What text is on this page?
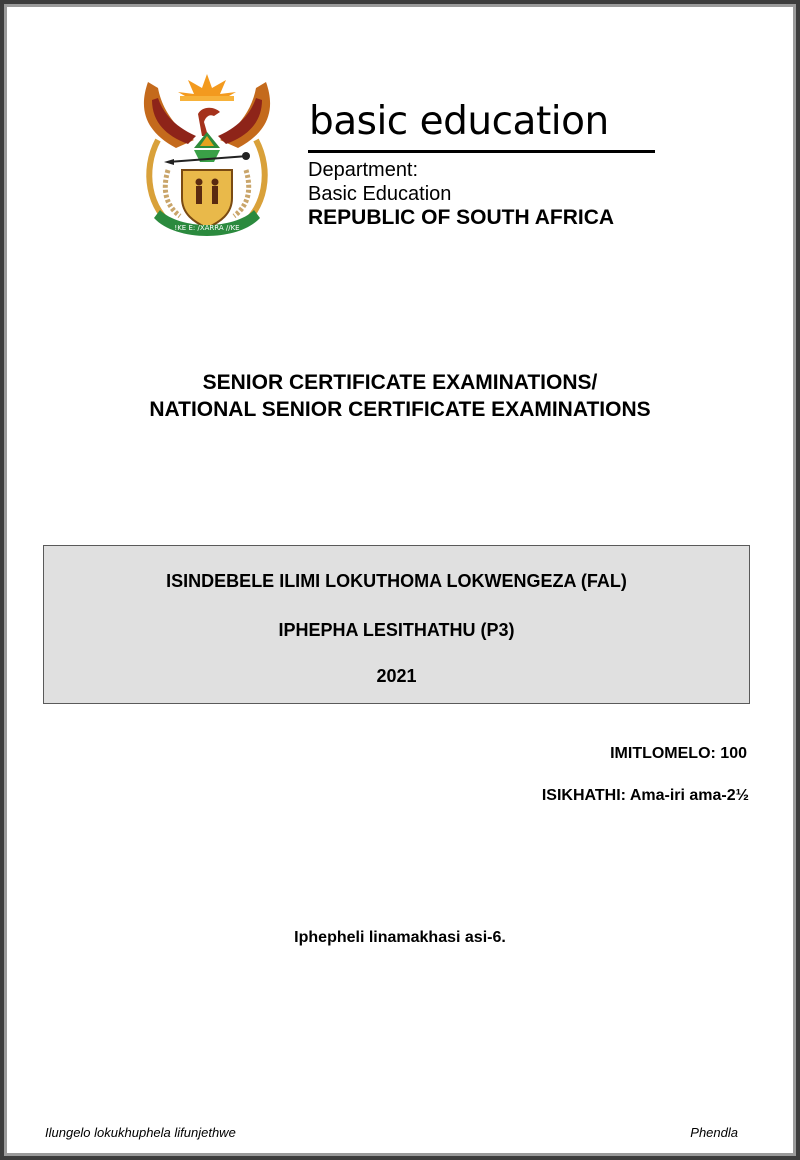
!KE E: /XARRA //KE
basic education
Department:
Basic Education
REPUBLIC OF SOUTH AFRICA
SENIOR CERTIFICATE EXAMINATIONS/
NATIONAL SENIOR CERTIFICATE EXAMINATIONS
ISINDEBELE ILIMI LOKUTHOMA LOKWENGEZA (FAL)
IPHEPHA LESITHATHU (P3)
2021
IMITLOMELO: 100
ISIKHATHI: Ama-iri ama-2½
Iphepheli linamakhasi asi-6.
Ilungelo lokukhuphela lifunjethwe	Phendla
